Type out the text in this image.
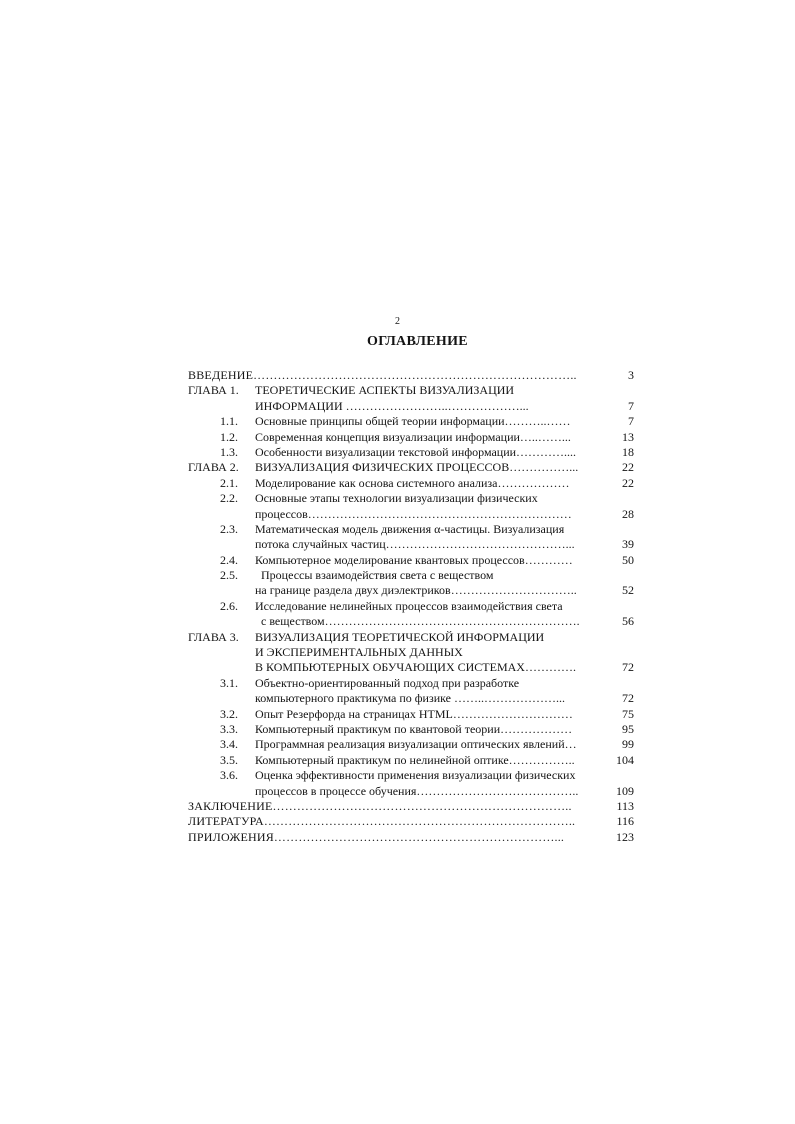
2
ОГЛАВЛЕНИЕ
ВВЕДЕНИЕ……………………………………………………………………..	3
ГЛАВА 1. ТЕОРЕТИЧЕСКИЕ АСПЕКТЫ ВИЗУАЛИЗАЦИИ
ИНФОРМАЦИИ ……………………..………………...	7
1.1. Основные принципы общей теории информации………..……	7
1.2. Современная концепция визуализации информации…..……...	13
1.3. Особенности визуализации текстовой информации…………....	18
ГЛАВА 2. ВИЗУАЛИЗАЦИЯ ФИЗИЧЕСКИХ ПРОЦЕССОВ……………...	22
2.1. Моделирование как основа системного анализа………………	22
2.2. Основные этапы технологии визуализации физических
процессов…………………………………………………………	28
2.3. Математическая модель движения α-частицы. Визуализация
потока случайных частиц………………………………………...	39
2.4. Компьютерное моделирование квантовых процессов…………	50
2.5. Процессы взаимодействия света с веществом
на границе раздела двух диэлектриков…………………………..	52
2.6. Исследование нелинейных процессов взаимодействия света
с веществом……………………………………………………….	56
ГЛАВА 3. ВИЗУАЛИЗАЦИЯ ТЕОРЕТИЧЕСКОЙ ИНФОРМАЦИИ
И ЭКСПЕРИМЕНТАЛЬНЫХ ДАННЫХ
В КОМПЬЮТЕРНЫХ ОБУЧАЮЩИХ СИСТЕМАХ………….	72
3.1. Объектно-ориентированный подход при разработке
компьютерного практикума по физике ……..………………...	72
3.2. Опыт Резерфорда на страницах HTML…………………………	75
3.3. Компьютерный практикум по квантовой теории………………	95
3.4. Программная реализация визуализации оптических явлений…	99
3.5. Компьютерный практикум по нелинейной оптике……………..	104
3.6. Оценка эффективности применения визуализации физических
процессов в процессе обучения…………………………………..	109
ЗАКЛЮЧЕНИЕ………………………………………………………………..	113
ЛИТЕРАТУРА…………………………………………………………………..	116
ПРИЛОЖЕНИЯ……………………………………………………………...	123
